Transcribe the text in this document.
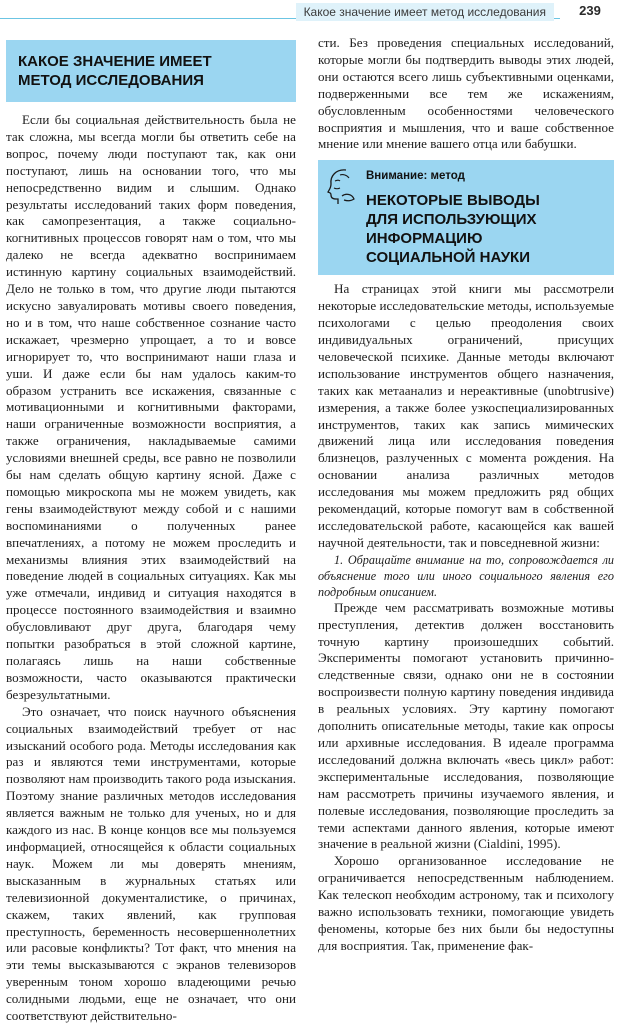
Какое значение имеет метод исследования	239
КАКОЕ ЗНАЧЕНИЕ ИМЕЕТ
МЕТОД ИССЛЕДОВАНИЯ

Если бы социальная действительность была не так сложна, мы всегда могли бы ответить себе на вопрос, почему люди поступают так, как они поступают, лишь на основании того, что мы непосредственно видим и слышим. Однако результаты исследований таких форм поведения, как самопрезентация, а также социально-когнитивных процессов говорят нам о том, что мы далеко не всегда адекватно воспринимаем истинную картину социальных взаимодействий. Дело не только в том, что другие люди пытаются искусно завуалировать мотивы своего поведения, но и в том, что наше собственное сознание часто искажает, чрезмерно упрощает, а то и вовсе игнорирует то, что воспринимают наши глаза и уши. И даже если бы нам удалось каким-то образом устранить все искажения, связанные с мотивационными и когнитивными факторами, наши ограниченные возможности восприятия, а также ограничения, накладываемые самими условиями внешней среды, все равно не позволили бы нам сделать общую картину ясной. Даже с помощью микроскопа мы не можем увидеть, как гены взаимодействуют между собой и с нашими воспоминаниями о полученных ранее впечатлениях, а потому не можем проследить и механизмы влияния этих взаимодействий на поведение людей в социальных ситуациях. Как мы уже отмечали, индивид и ситуация находятся в процессе постоянного взаимодействия и взаимно обусловливают друг друга, благодаря чему попытки разобраться в этой сложной картине, полагаясь лишь на наши собственные возможности, часто оказываются практически безрезультатными.

Это означает, что поиск научного объяснения социальных взаимодействий требует от нас изысканий особого рода. Методы исследования как раз и являются теми инструментами, которые позволяют нам производить такого рода изыскания. Поэтому знание различных методов исследования является важным не только для ученых, но и для каждого из нас. В конце концов все мы пользуемся информацией, относящейся к области социальных наук. Можем ли мы доверять мнениям, высказанным в журнальных статьях или телевизионной документалистике, о причинах, скажем, таких явлений, как групповая преступность, беременность несовершеннолетних или расовые конфликты? Тот факт, что мнения на эти темы высказываются с экранов телевизоров уверенным тоном хорошо владеющими речью солидными людьми, еще не означает, что они соответствуют действительно-

сти. Без проведения специальных исследований, которые могли бы подтвердить выводы этих людей, они остаются всего лишь субъективными оценками, подверженными все тем же искажениям, обусловленным особенностями человеческого восприятия и мышления, что и ваше собственное мнение или мнение вашего отца или бабушки.

Внимание: метод
НЕКОТОРЫЕ ВЫВОДЫ
ДЛЯ ИСПОЛЬЗУЮЩИХ
ИНФОРМАЦИЮ
СОЦИАЛЬНОЙ НАУКИ

На страницах этой книги мы рассмотрели некоторые исследовательские методы, используемые психологами с целью преодоления своих индивидуальных ограничений, присущих человеческой психике. Данные методы включают использование инструментов общего назначения, таких как метаанализ и нереактивные (unobtrusive) измерения, а также более узкоспециализированных инструментов, таких как запись мимических движений лица или исследования поведения близнецов, разлученных с момента рождения. На основании анализа различных методов исследования мы можем предложить ряд общих рекомендаций, которые помогут вам в собственной исследовательской работе, касающейся как вашей научной деятельности, так и повседневной жизни:

1. Обращайте внимание на то, сопровождается ли объяснение того или иного социального явления его подробным описанием.

Прежде чем рассматривать возможные мотивы преступления, детектив должен восстановить точную картину произошедших событий. Эксперименты помогают установить причинно-следственные связи, однако они не в состоянии воспроизвести полную картину поведения индивида в реальных условиях. Эту картину помогают дополнить описательные методы, такие как опросы или архивные исследования. В идеале программа исследований должна включать «весь цикл» работ: экспериментальные исследования, позволяющие нам рассмотреть причины изучаемого явления, и полевые исследования, позволяющие проследить за теми аспектами данного явления, которые имеют значение в реальной жизни (Cialdini, 1995).

Хорошо организованное исследование не ограничивается непосредственным наблюдением. Как телескоп необходим астроному, так и психологу важно использовать техники, помогающие увидеть феномены, которые без них были бы недоступны для восприятия. Так, применение фак-
